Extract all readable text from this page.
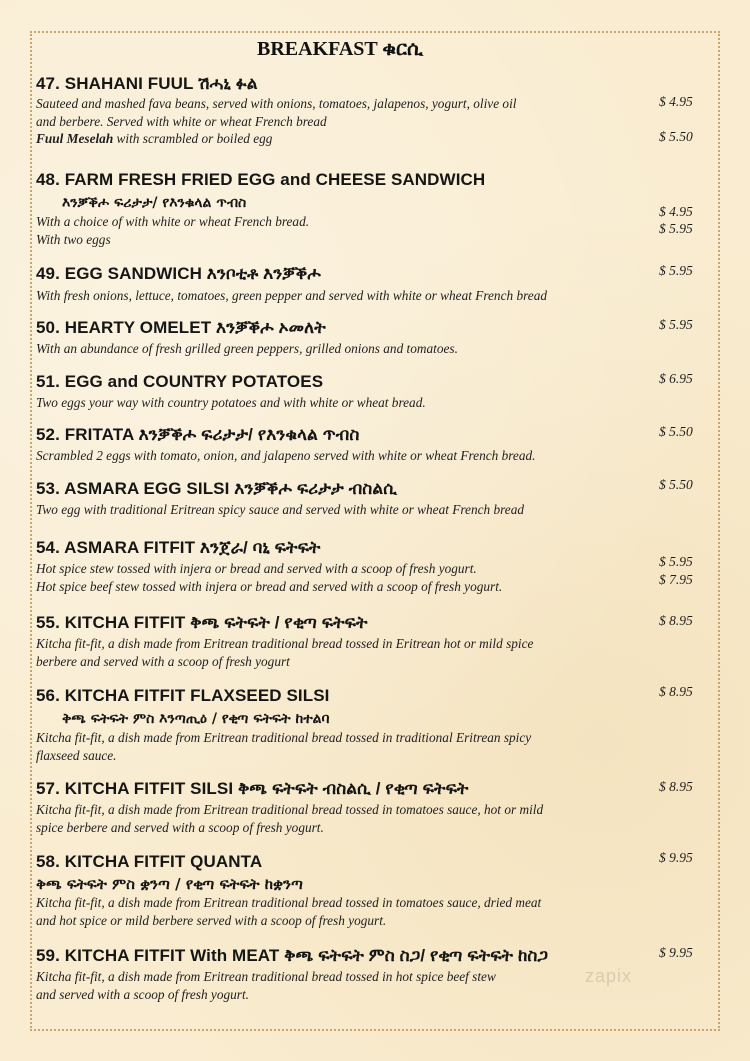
BREAKFAST ቁርሲ
47. SHAHANI FUUL ሽሓኒ ፉል
Sauteed and mashed fava beans, served with onions, tomatoes, jalapenos, yogurt, olive oil
and berbere. Served with white or wheat French bread
Fuul Meselah with scrambled or boiled egg
$ 4.95
$ 5.50
48. FARM FRESH FRIED EGG and CHEESE SANDWICH
እንቓቕሖ ፍሪታታ/ የእንቁላል ጥብስ
With a choice of with white or wheat French bread.
With two eggs
$ 4.95
$ 5.95
49. EGG SANDWICH እንቦቲቶ እንቓቕሖ
With fresh onions, lettuce, tomatoes, green pepper and served with white or wheat French bread
$ 5.95
50. HEARTY OMELET እንቓቕሖ ኦመለት
With an abundance of fresh grilled green peppers, grilled onions and tomatoes.
$ 5.95
51. EGG and COUNTRY POTATOES
Two eggs your way with country potatoes and with white or wheat bread.
$ 6.95
52. FRITATA እንቓቕሖ ፍሪታታ/ የእንቁላል ጥብስ
Scrambled 2 eggs with tomato, onion, and jalapeno served with white or wheat French bread.
$ 5.50
53. ASMARA EGG SILSI እንቓቕሖ ፍሪታታ ብስልሲ
Two egg with traditional Eritrean spicy sauce and served with white or wheat French bread
$ 5.50
54. ASMARA FITFIT እንጀራ/ ባኒ ፍትፍት
Hot spice stew tossed with injera or bread and served with a scoop of fresh yogurt.
Hot spice beef stew tossed with injera or bread and served with a scoop of fresh yogurt.
$ 5.95
$ 7.95
55. KITCHA FITFIT ቅጫ ፍትፍት / የቂጣ ፍትፍት
Kitcha fit-fit, a dish made from Eritrean traditional bread tossed in Eritrean hot or mild spice
berbere and served with a scoop of fresh yogurt
$ 8.95
56. KITCHA FITFIT FLAXSEED SILSI
ቅጫ ፍትፍት ምስ እንጣጢዕ / የቂጣ ፍትፍት ከተልባ
Kitcha fit-fit, a dish made from Eritrean traditional bread tossed in traditional Eritrean spicy
flaxseed sauce.
$ 8.95
57. KITCHA FITFIT SILSI ቅጫ ፍትፍት ብስልሲ / የቂጣ ፍትፍት
Kitcha fit-fit, a dish made from Eritrean traditional bread tossed in tomatoes sauce, hot or mild
spice berbere and served with a scoop of fresh yogurt.
$ 8.95
58. KITCHA FITFIT QUANTA
ቅጫ ፍትፍት ምስ ቋንጣ / የቂጣ ፍትፍት ከቋንጣ
Kitcha fit-fit, a dish made from Eritrean traditional bread tossed in tomatoes sauce, dried meat
and hot spice or mild berbere served with a scoop of fresh yogurt.
$ 9.95
59. KITCHA FITFIT With MEAT ቅጫ ፍትፍት ምስ ስጋ/ የቂጣ ፍትፍት ከስጋ
Kitcha fit-fit, a dish made from Eritrean traditional bread tossed in hot spice beef stew
and served with a scoop of fresh yogurt.
$ 9.95
zapix
